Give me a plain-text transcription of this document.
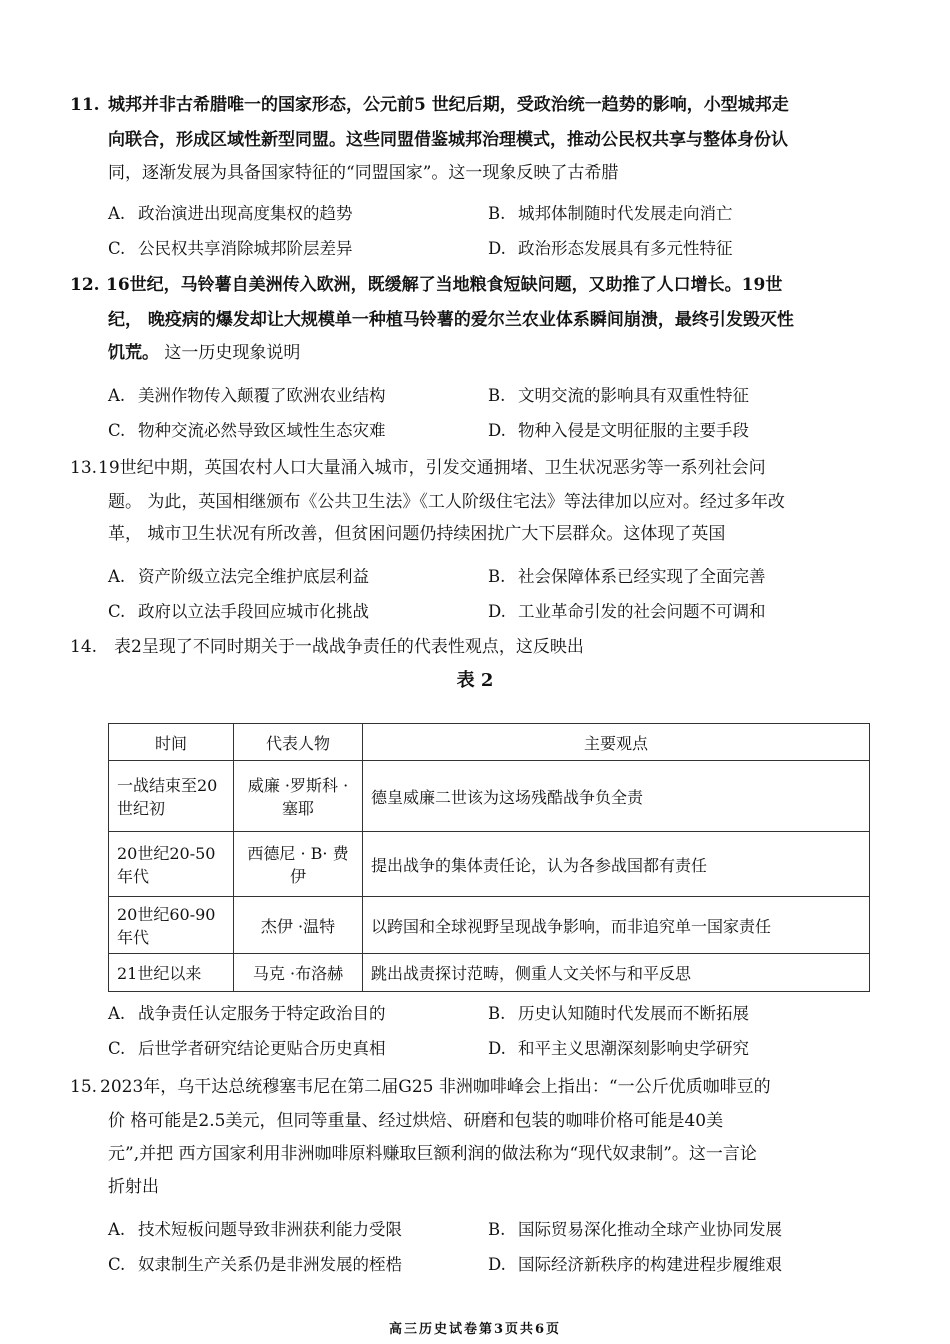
11. 城邦并非古希腊唯一的国家形态，公元前5 世纪后期，受政治统一趋势的影响，小型城邦走
向联合，形成区域性新型同盟。这些同盟借鉴城邦治理模式，推动公民权共享与整体身份认
同，逐渐发展为具备国家特征的“同盟国家”。这一现象反映了古希腊
A. 政治演进出现高度集权的趋势	B. 城邦体制随时代发展走向消亡
C. 公民权共享消除城邦阶层差异	D. 政治形态发展具有多元性特征
12. 16世纪，马铃薯自美洲传入欧洲，既缓解了当地粮食短缺问题，又助推了人口增长。19世
纪， 晚疫病的爆发却让大规模单一种植马铃薯的爱尔兰农业体系瞬间崩溃，最终引发毁灭性
饥荒。 这一历史现象说明
A. 美洲作物传入颠覆了欧洲农业结构	B. 文明交流的影响具有双重性特征
C. 物种交流必然导致区域性生态灾难	D. 物种入侵是文明征服的主要手段
13.19世纪中期，英国农村人口大量涌入城市，引发交通拥堵、卫生状况恶劣等一系列社会问
题。 为此，英国相继颁布《公共卫生法》《工人阶级住宅法》等法律加以应对。经过多年改
革， 城市卫生状况有所改善，但贫困问题仍持续困扰广大下层群众。这体现了英国
A. 资产阶级立法完全维护底层利益	B. 社会保障体系已经实现了全面完善
C. 政府以立法手段回应城市化挑战	D. 工业革命引发的社会问题不可调和
14. 表2呈现了不同时期关于一战战争责任的代表性观点，这反映出
表 2
时间	代表人物	主要观点
一战结束至20世纪初	威廉 ·罗斯科 · 塞耶	德皇威廉二世该为这场残酷战争负全责
20世纪20-50 年代	西德尼 · B· 费伊	提出战争的集体责任论，认为各参战国都有责任
20世纪60-90 年代	杰伊 ·温特	以跨国和全球视野呈现战争影响，而非追究单一国家责任
21世纪以来	马克 ·布洛赫	跳出战责探讨范畴，侧重人文关怀与和平反思
A. 战争责任认定服务于特定政治目的	B. 历史认知随时代发展而不断拓展
C. 后世学者研究结论更贴合历史真相	D. 和平主义思潮深刻影响史学研究
15. 2023年，乌干达总统穆塞韦尼在第二届G25 非洲咖啡峰会上指出：“一公斤优质咖啡豆的
价 格可能是2.5美元，但同等重量、经过烘焙、研磨和包装的咖啡价格可能是40美
元”,并把 西方国家利用非洲咖啡原料赚取巨额利润的做法称为“现代奴隶制”。这一言论
折射出
A. 技术短板问题导致非洲获利能力受限	B. 国际贸易深化推动全球产业协同发展
C. 奴隶制生产关系仍是非洲发展的桎梏	D. 国际经济新秩序的构建进程步履维艰
高三历史试卷第3页共6页
